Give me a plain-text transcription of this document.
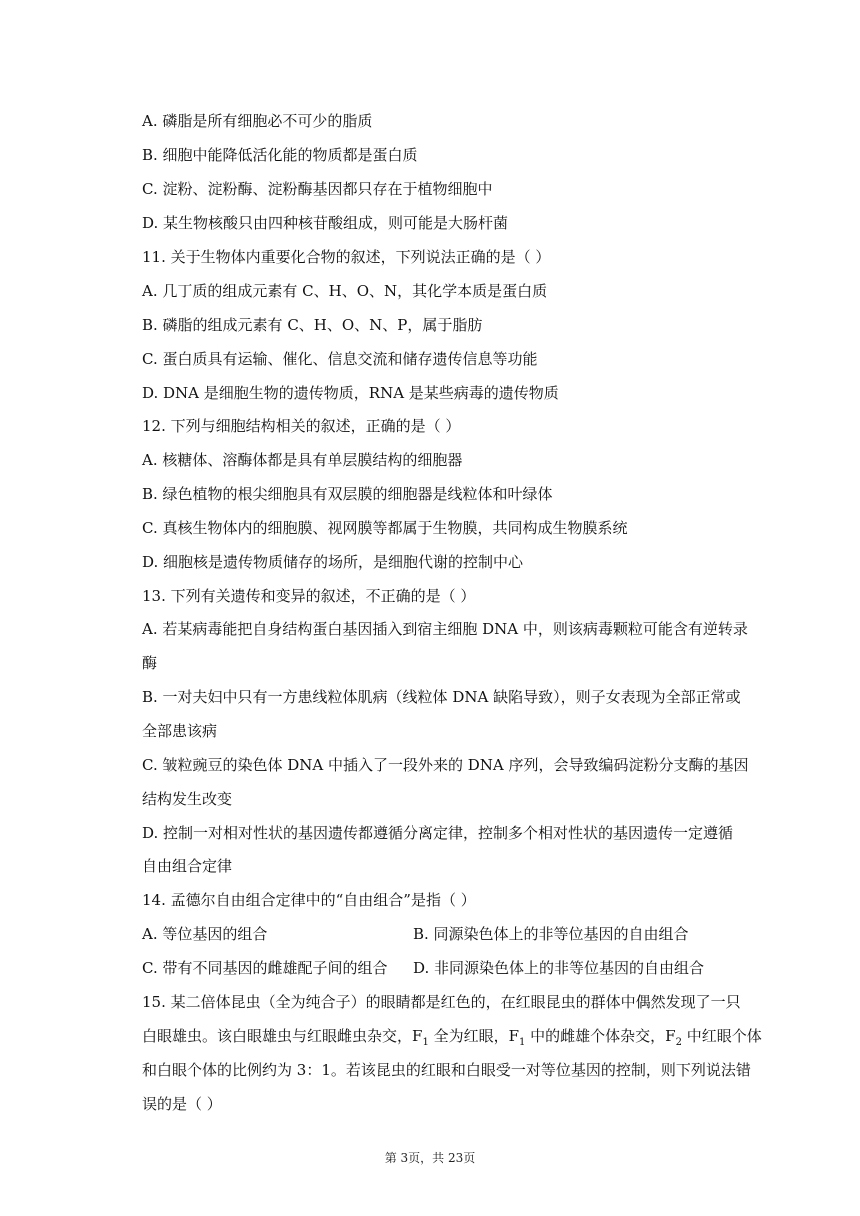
A. 磷脂是所有细胞必不可少的脂质
B. 细胞中能降低活化能的物质都是蛋白质
C. 淀粉、淀粉酶、淀粉酶基因都只存在于植物细胞中
D. 某生物核酸只由四种核苷酸组成，则可能是大肠杆菌
11. 关于生物体内重要化合物的叙述，下列说法正确的是（ ）
A. 几丁质的组成元素有 C、H、O、N，其化学本质是蛋白质
B. 磷脂的组成元素有 C、H、O、N、P，属于脂肪
C. 蛋白质具有运输、催化、信息交流和储存遗传信息等功能
D. DNA 是细胞生物的遗传物质，RNA 是某些病毒的遗传物质
12. 下列与细胞结构相关的叙述，正确的是（ ）
A. 核糖体、溶酶体都是具有单层膜结构的细胞器
B. 绿色植物的根尖细胞具有双层膜的细胞器是线粒体和叶绿体
C. 真核生物体内的细胞膜、视网膜等都属于生物膜，共同构成生物膜系统
D. 细胞核是遗传物质储存的场所，是细胞代谢的控制中心
13. 下列有关遗传和变异的叙述，不正确的是（ ）
A. 若某病毒能把自身结构蛋白基因插入到宿主细胞 DNA 中，则该病毒颗粒可能含有逆转录
酶
B. 一对夫妇中只有一方患线粒体肌病（线粒体 DNA 缺陷导致），则子女表现为全部正常或
全部患该病
C. 皱粒豌豆的染色体 DNA 中插入了一段外来的 DNA 序列，会导致编码淀粉分支酶的基因
结构发生改变
D. 控制一对相对性状的基因遗传都遵循分离定律，控制多个相对性状的基因遗传一定遵循
自由组合定律
14. 孟德尔自由组合定律中的“自由组合”是指（ ）
A. 等位基因的组合	B. 同源染色体上的非等位基因的自由组合
C. 带有不同基因的雌雄配子间的组合 D. 非同源染色体上的非等位基因的自由组合
15. 某二倍体昆虫（全为纯合子）的眼睛都是红色的，在红眼昆虫的群体中偶然发现了一只
白眼雄虫。该白眼雄虫与红眼雌虫杂交，$F_1$ 全为红眼，$F_1$ 中的雌雄个体杂交，$F_2$ 中红眼个体
和白眼个体的比例约为 3：1。若该昆虫的红眼和白眼受一对等位基因的控制，则下列说法错
误的是（ ）
第 3页，共 23页
